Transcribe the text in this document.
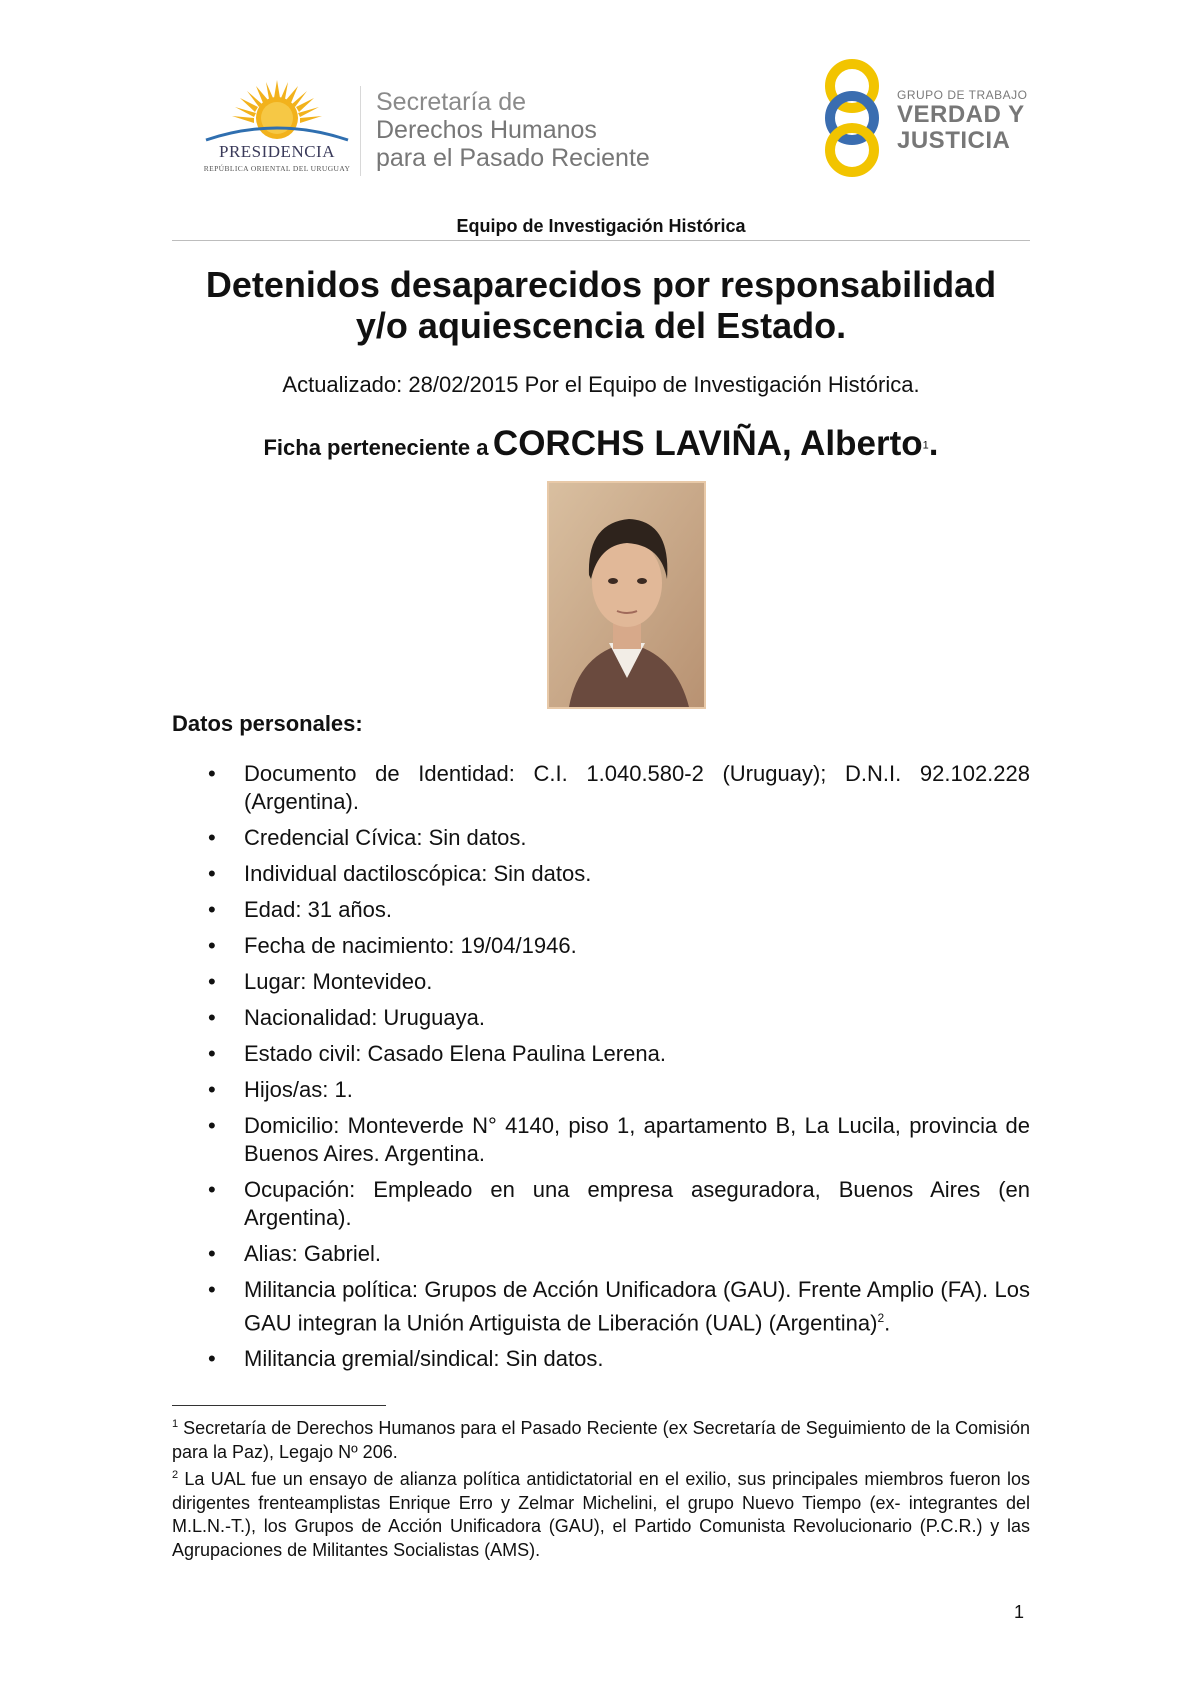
PRESIDENCIA
REPÚBLICA ORIENTAL DEL URUGUAY
Secretaría de
Derechos Humanos
para el Pasado Reciente
GRUPO DE TRABAJO
VERDAD Y
JUSTICIA
Equipo de Investigación Histórica
Detenidos desaparecidos por responsabilidad
y/o aquiescencia del Estado.
Actualizado: 28/02/2015 Por el Equipo de Investigación Histórica.
Ficha perteneciente a CORCHS LAVIÑA, Alberto$^1$.
Datos personales:
• Documento de Identidad: C.I. 1.040.580-2 (Uruguay); D.N.I. 92.102.228 (Argentina).
• Credencial Cívica: Sin datos.
• Individual dactiloscópica: Sin datos.
• Edad: 31 años.
• Fecha de nacimiento: 19/04/1946.
• Lugar: Montevideo.
• Nacionalidad: Uruguaya.
• Estado civil: Casado Elena Paulina Lerena.
• Hijos/as: 1.
• Domicilio: Monteverde N° 4140, piso 1, apartamento B, La Lucila, provincia de Buenos Aires. Argentina.
• Ocupación: Empleado en una empresa aseguradora, Buenos Aires (en Argentina).
• Alias: Gabriel.
• Militancia política: Grupos de Acción Unificadora (GAU). Frente Amplio (FA). Los GAU integran la Unión Artiguista de Liberación (UAL) (Argentina)$^2$.
• Militancia gremial/sindical: Sin datos.

$^1$ Secretaría de Derechos Humanos para el Pasado Reciente (ex Secretaría de Seguimiento de la Comisión para la Paz), Legajo Nº 206.

$^2$ La UAL fue un ensayo de alianza política antidictatorial en el exilio, sus principales miembros fueron los dirigentes frenteamplistas Enrique Erro y Zelmar Michelini, el grupo Nuevo Tiempo (ex- integrantes del M.L.N.-T.), los Grupos de Acción Unificadora (GAU), el Partido Comunista Revolucionario (P.C.R.) y las Agrupaciones de Militantes Socialistas (AMS).

1
